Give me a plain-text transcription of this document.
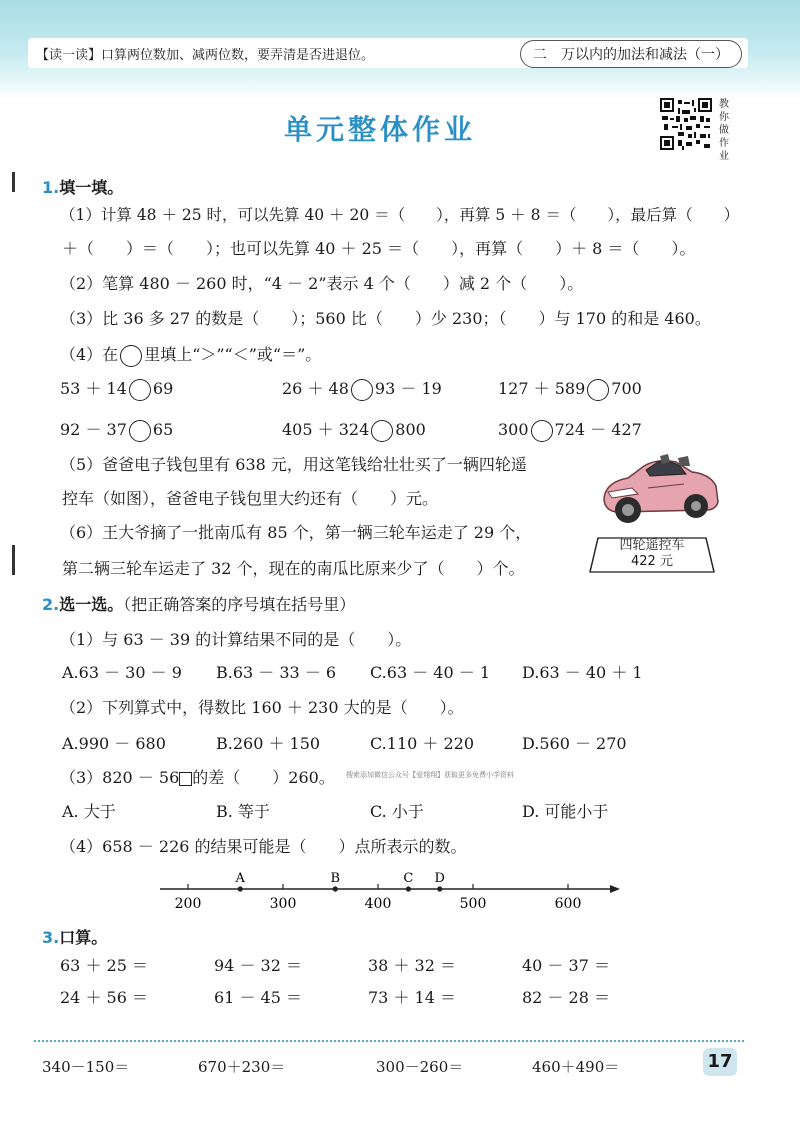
【读一读】口算两位数加、减两位数，要弄清是否进退位。	二　万以内的加法和减法（一）
单元整体作业
教你做作业
1.填一填。
（1）计算 48 ＋ 25 时，可以先算 40 ＋ 20 ＝（　　），再算 5 ＋ 8 ＝（　　），最后算（　　）
＋（　　）＝（　　）；也可以先算 40 ＋ 25 ＝（　　），再算（　　）＋ 8 ＝（　　）。
（2）笔算 480 － 260 时，“4 － 2”表示 4 个（　　）减 2 个（　　）。
（3）比 36 多 27 的数是（　　）；560 比（　　）少 230；（　　）与 170 的和是 460。
（4）在 里填上“＞”“＜”或“＝”。
53 ＋ 14 69	26 ＋ 48 93 － 19	127 ＋ 589 700
92 － 37 65	405 ＋ 324 800	300 724 － 427
（5）爸爸电子钱包里有 638 元，用这笔钱给壮壮买了一辆四轮遥
控车（如图），爸爸电子钱包里大约还有（　　）元。
（6）王大爷摘了一批南瓜有 85 个，第一辆三轮车运走了 29 个，
第二辆三轮车运走了 32 个，现在的南瓜比原来少了（　　）个。
四轮遥控车
422 元
2.选一选。（把正确答案的序号填在括号里）
（1）与 63 － 39 的计算结果不同的是（　　）。
A.63 － 30 － 9 B.63 － 33 － 6 C.63 － 40 － 1 D.63 － 40 ＋ 1
（2）下列算式中，得数比 160 ＋ 230 大的是（　　）。
A.990 － 680	B.260 ＋ 150	C.110 ＋ 220	D.560 － 270
（3）820 － 56 的差（　　）260。 搜索添加微信公众号【爱翔翔】获取更多免费小学资料
A. 大于	B. 等于	C. 小于	D. 可能小于
（4）658 － 226 的结果可能是（　　）点所表示的数。
200	300	400	500	600
A	B	C D
3.口算。
63 ＋ 25 ＝	94 － 32 ＝	38 ＋ 32 ＝	40 － 37 ＝
24 ＋ 56 ＝	61 － 45 ＝	73 ＋ 14 ＝	82 － 28 ＝
340－150＝	670＋230＝	300－260＝	460＋490＝	17
